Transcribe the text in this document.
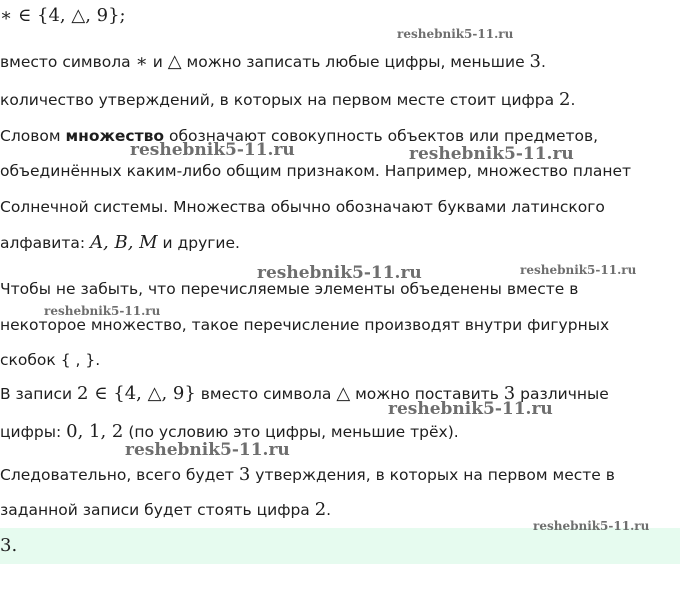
∗ ∈ {4, △, 9};
вместо символа ∗ и △ можно записать любые цифры, меньшие 3.
количество утверждений, в которых на первом месте стоит цифра 2.
Словом множество обозначают совокупность объектов или предметов,
объединённых каким-либо общим признаком. Например, множество планет
Солнечной системы. Множества обычно обозначают буквами латинского
алфавита: A, B, M и другие.
Чтобы не забыть, что перечисляемые элементы объеденены вместе в
некоторое множество, такое перечисление производят внутри фигурных
скобок { , }.
В записи 2 ∈ {4, △, 9} вместо символа △ можно поставить 3 различные
цифры: 0, 1, 2 (по условию это цифры, меньшие трёх).
Следовательно, всего будет 3 утверждения, в которых на первом месте в
заданной записи будет стоять цифра 2.
3.
reshebnik5-11.ru
reshebnik5-11.ru	reshebnik5-11.ru
reshebnik5-11.ru	reshebnik5-11.ru
reshebnik5-11.ru
reshebnik5-11.ru
reshebnik5-11.ru
reshebnik5-11.ru
